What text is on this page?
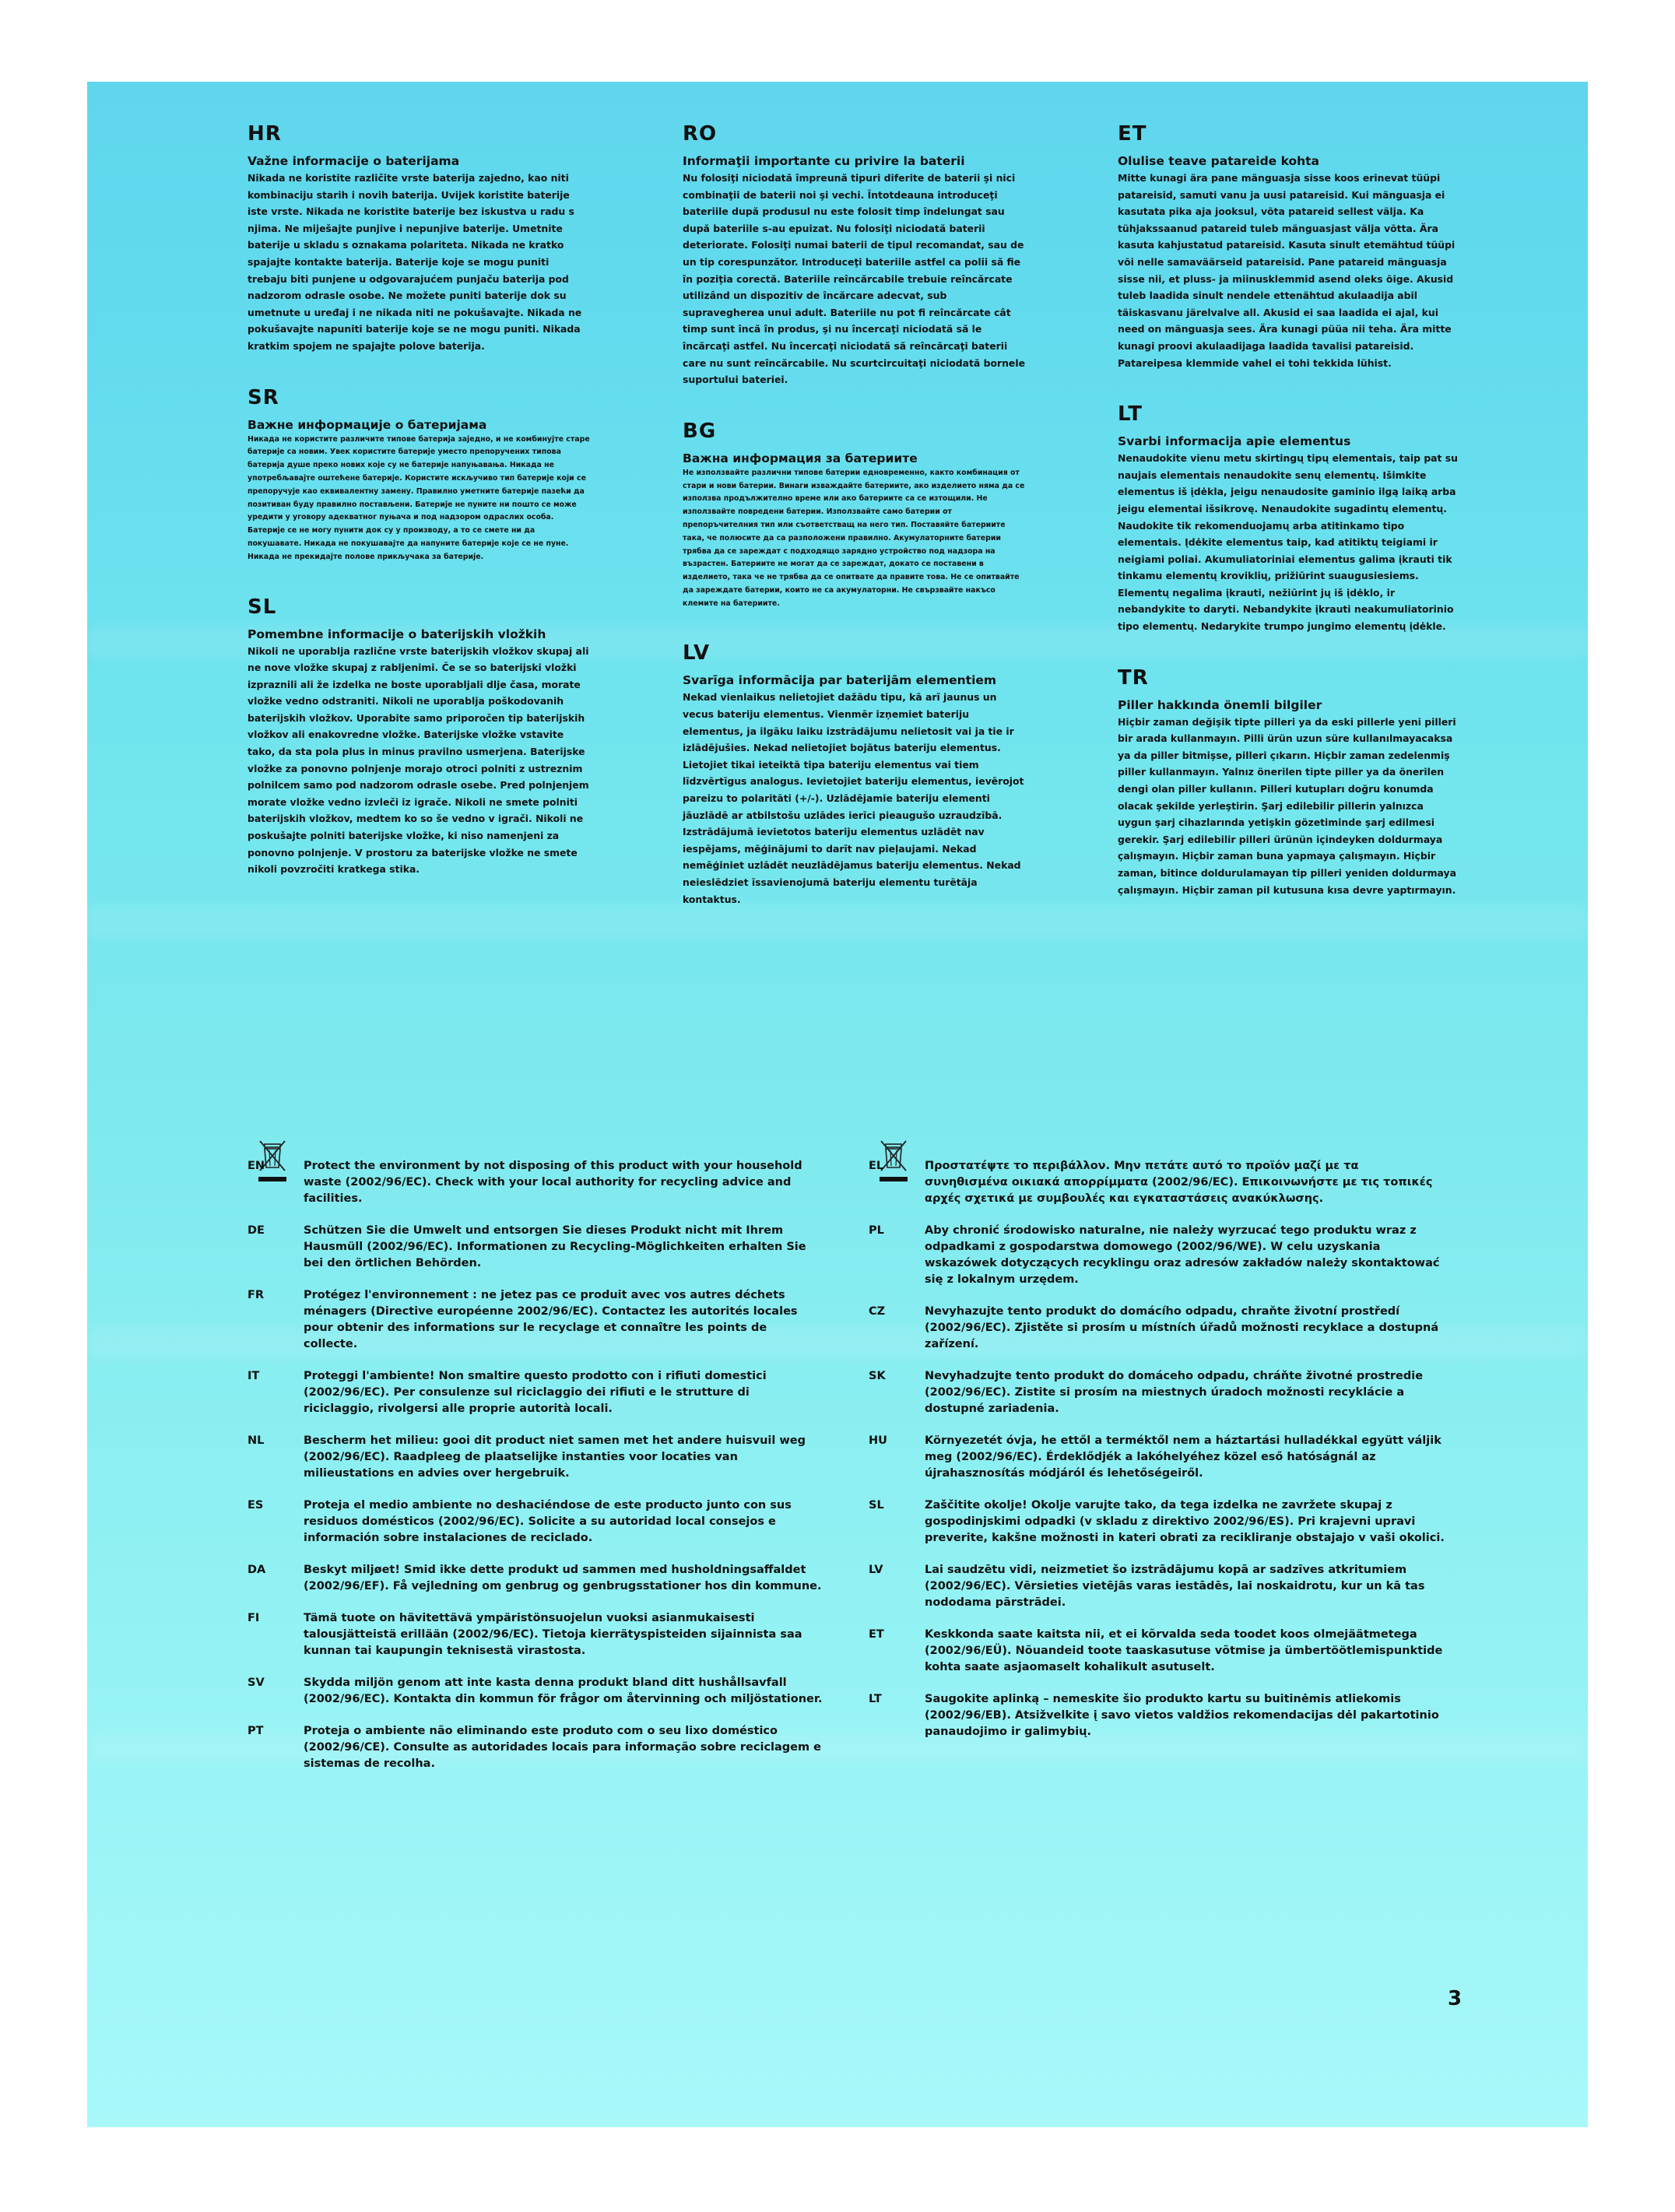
HR
Važne informacije o baterijama
Nikada ne koristite različite vrste baterija zajedno, kao niti kombinaciju starih i novih baterija. Uvijek koristite baterije iste vrste. Nikada ne koristite baterije bez iskustva u radu s njima. Ne miješajte punjive i nepunjive baterije. Umetnite baterije u skladu s oznakama polariteta. Nikada ne kratko spajajte kontakte baterija. Baterije koje se mogu puniti trebaju biti punjene u odgovarajućem punjaču baterija pod nadzorom odrasle osobe. Ne možete puniti baterije dok su umetnute u uređaj i ne nikada niti ne pokušavajte. Nikada ne pokušavajte napuniti baterije koje se ne mogu puniti. Nikada kratkim spojem ne spajajte polove baterija.
SR
Важне информације о батеријама
Никада не користите различите типове батерија заједно, и не комбинујте старе батерије са новим. Увек користите батерије уместо препоручених типова батерија душе преко нових које су не батерије напуњавања. Никада не употребљавајте оштећене батерије. Користите искључиво тип батерије који се препоручује као еквивалентну замену. Правилно уметните батерије пазећи да позитиван буду правилно постављени. Батерије не пуните ни пошто се може уредити у уговору адекватног пуњача и под надзором одраслих особа. Батерије се не могу пунити док су у производу, а то се смете ни да покушавате. Никада не покушавајте да напуните батерије које се не пуне. Никада не прекидајте полове прикључака за батерије.
SL
Pomembne informacije o baterijskih vložkih
Nikoli ne uporablja različne vrste baterijskih vložkov skupaj ali ne nove vložke skupaj z rabljenimi. Če se so baterijski vložki izpraznili ali že izdelka ne boste uporabljali dlje časa, morate vložke vedno odstraniti. Nikoli ne uporablja poškodovanih baterijskih vložkov. Uporabite samo priporočen tip baterijskih vložkov ali enakovredne vložke. Baterijske vložke vstavite tako, da sta pola plus in minus pravilno usmerjena. Baterijske vložke za ponovno polnjenje morajo otroci polniti z ustreznim polnilcem samo pod nadzorom odrasle osebe. Pred polnjenjem morate vložke vedno izvleči iz igrače. Nikoli ne smete polniti baterijskih vložkov, medtem ko so še vedno v igrači. Nikoli ne poskušajte polniti baterijske vložke, ki niso namenjeni za ponovno polnjenje. V prostoru za baterijske vložke ne smete nikoli povzročiti kratkega stika.
RO
Informaţii importante cu privire la baterii
Nu folosiţi niciodată împreună tipuri diferite de baterii şi nici combinaţii de baterii noi şi vechi. Întotdeauna introduceţi bateriile după produsul nu este folosit timp îndelungat sau după bateriile s-au epuizat. Nu folosiţi niciodată baterii deteriorate. Folosiţi numai baterii de tipul recomandat, sau de un tip corespunzător. Introduceţi bateriile astfel ca polii să fie în poziţia corectă. Bateriile reîncărcabile trebuie reîncărcate utilizând un dispozitiv de încărcare adecvat, sub supravegherea unui adult. Bateriile nu pot fi reîncărcate cât timp sunt încă în produs, şi nu încercaţi niciodată să le încărcaţi astfel. Nu încercaţi niciodată să reîncărcaţi baterii care nu sunt reîncărcabile. Nu scurtcircuitaţi niciodată bornele suportului bateriei.
BG
Важна информация за батериите
Не използвайте различни типове батерии едновременно, както комбинация от стари и нови батерии. Винаги изваждайте батериите, ако изделието няма да се използва продължително време или ако батериите са се изтощили. Не използвайте повредени батерии. Използвайте само батерии от препоръчителния тип или съответстващ на него тип. Поставяйте батериите така, че полюсите да са разположени правилно. Акумулаторните батерии трябва да се зареждат с подходящо зарядно устройство под надзора на възрастен. Батериите не могат да се зареждат, докато се поставени в изделието, така че не трябва да се опитвате да правите това. Не се опитвайте да зареждате батерии, които не са акумулаторни. Не свързвайте накъсо клемите на батериите.
LV
Svarīga informācija par baterijām elementiem
Nekad vienlaikus nelietojiet dažādu tipu, kā arī jaunus un vecus bateriju elementus. Vienmēr izņemiet bateriju elementus, ja ilgāku laiku izstrādājumu nelietosit vai ja tie ir izlādējušies. Nekad nelietojiet bojātus bateriju elementus. Lietojiet tikai ieteiktā tipa bateriju elementus vai tiem līdzvērtīgus analogus. Ievietojiet bateriju elementus, ievērojot pareizu to polaritāti (+/-). Uzlādējamie bateriju elementi jāuzlādē ar atbilstošu uzlādes ierīci pieaugušo uzraudzībā. Izstrādājumā ievietotos bateriju elementus uzlādēt nav iespējams, mēģinājumi to darīt nav pieļaujami. Nekad nemēģiniet uzlādēt neuzlādējamus bateriju elementus. Nekad neieslēdziet īssavienojumā bateriju elementu turētāja kontaktus.
ET
Olulise teave patareide kohta
Mitte kunagi ära pane mänguasja sisse koos erinevat tüüpi patareisid, samuti vanu ja uusi patareisid. Kui mänguasja ei kasutata pika aja jooksul, võta patareid sellest välja. Ka tühjakssaanud patareid tuleb mänguasjast välja võtta. Ära kasuta kahjustatud patareisid. Kasuta sinult etemähtud tüüpi või nelle samaväärseid patareisid. Pane patareid mänguasja sisse nii, et pluss- ja miinusklemmid asend oleks õige. Akusid tuleb laadida sinult nendele ettenähtud akulaadija abil täiskasvanu järelvalve all. Akusid ei saa laadida ei ajal, kui need on mänguasja sees. Ära kunagi püüa nii teha. Ära mitte kunagi proovi akulaadijaga laadida tavalisi patareisid. Patareipesa klemmide vahel ei tohi tekkida lühist.
LT
Svarbi informacija apie elementus
Nenaudokite vienu metu skirtingų tipų elementais, taip pat su naujais elementais nenaudokite senų elementų. Išimkite elementus iš įdėkla, jeigu nenaudosite gaminio ilgą laiką arba jeigu elementai išsikrovę. Nenaudokite sugadintų elementų. Naudokite tik rekomenduojamų arba atitinkamo tipo elementais. Įdėkite elementus taip, kad atitiktų teigiami ir neigiami poliai. Akumuliatoriniai elementus galima įkrauti tik tinkamu elementų kroviklių, prižiūrint suaugusiesiems. Elementų negalima įkrauti, nežiūrint jų iš įdėklo, ir nebandykite to daryti. Nebandykite įkrauti neakumuliatorinio tipo elementų. Nedarykite trumpo jungimo elementų įdėkle.
TR
Piller hakkında önemli bilgiler
Hiçbir zaman değişik tipte pilleri ya da eski pillerle yeni pilleri bir arada kullanmayın. Pilli ürün uzun süre kullanılmayacaksa ya da piller bitmişse, pilleri çıkarın. Hiçbir zaman zedelenmiş piller kullanmayın. Yalnız önerilen tipte piller ya da önerilen dengi olan piller kullanın. Pilleri kutupları doğru konumda olacak şekilde yerleştirin. Şarj edilebilir pillerin yalnızca uygun şarj cihazlarında yetişkin gözetiminde şarj edilmesi gerekir. Şarj edilebilir pilleri ürünün içindeyken doldurmaya çalışmayın. Hiçbir zaman buna yapmaya çalışmayın. Hiçbir zaman, bitince doldurulamayan tip pilleri yeniden doldurmaya çalışmayın. Hiçbir zaman pil kutusuna kısa devre yaptırmayın.
EN	Protect the environment by not disposing of this product with your household waste (2002/96/EC). Check with your local authority for recycling advice and facilities.
DE	Schützen Sie die Umwelt und entsorgen Sie dieses Produkt nicht mit Ihrem Hausmüll (2002/96/EC). Informationen zu Recycling-Möglichkeiten erhalten Sie bei den örtlichen Behörden.
FR	Protégez l'environnement : ne jetez pas ce produit avec vos autres déchets ménagers (Directive européenne 2002/96/EC). Contactez les autorités locales pour obtenir des informations sur le recyclage et connaître les points de collecte.
IT	Proteggi l'ambiente! Non smaltire questo prodotto con i rifiuti domestici (2002/96/EC). Per consulenze sul riciclaggio dei rifiuti e le strutture di riciclaggio, rivolgersi alle proprie autorità locali.
NL	Bescherm het milieu: gooi dit product niet samen met het andere huisvuil weg (2002/96/EC). Raadpleeg de plaatselijke instanties voor locaties van milieustations en advies over hergebruik.
ES	Proteja el medio ambiente no deshaciéndose de este producto junto con sus residuos domésticos (2002/96/EC). Solicite a su autoridad local consejos e información sobre instalaciones de reciclado.
DA	Beskyt miljøet! Smid ikke dette produkt ud sammen med husholdningsaffaldet (2002/96/EF). Få vejledning om genbrug og genbrugsstationer hos din kommune.
FI	Tämä tuote on hävitettävä ympäristönsuojelun vuoksi asianmukaisesti talousjätteistä erillään (2002/96/EC). Tietoja kierrätyspisteiden sijainnista saa kunnan tai kaupungin teknisestä virastosta.
SV	Skydda miljön genom att inte kasta denna produkt bland ditt hushållsavfall (2002/96/EC). Kontakta din kommun för frågor om återvinning och miljöstationer.
PT	Proteja o ambiente não eliminando este produto com o seu lixo doméstico (2002/96/CE). Consulte as autoridades locais para informação sobre reciclagem e sistemas de recolha.
EL	Προστατέψτε το περιβάλλον. Μην πετάτε αυτό το προϊόν μαζί με τα συνηθισμένα οικιακά απορρίμματα (2002/96/EC). Επικοινωνήστε με τις τοπικές αρχές σχετικά με συμβουλές και εγκαταστάσεις ανακύκλωσης.
PL	Aby chronić środowisko naturalne, nie należy wyrzucać tego produktu wraz z odpadkami z gospodarstwa domowego (2002/96/WE). W celu uzyskania wskazówek dotyczących recyklingu oraz adresów zakładów należy skontaktować się z lokalnym urzędem.
CZ	Nevyhazujte tento produkt do domácího odpadu, chraňte životní prostředí (2002/96/EC). Zjistěte si prosím u místních úřadů možnosti recyklace a dostupná zařízení.
SK	Nevyhadzujte tento produkt do domáceho odpadu, chráňte životné prostredie (2002/96/EC). Zistite si prosím na miestnych úradoch možnosti recyklácie a dostupné zariadenia.
HU	Környezetét óvja, he ettől a terméktől nem a háztartási hulladékkal együtt váljik meg (2002/96/EC). Érdeklődjék a lakóhelyéhez közel eső hatóságnál az újrahasznosítás módjáról és lehetőségeiről.
SL	Zaščitite okolje! Okolje varujte tako, da tega izdelka ne zavržete skupaj z gospodinjskimi odpadki (v skladu z direktivo 2002/96/ES). Pri krajevni upravi preverite, kakšne možnosti in kateri obrati za recikliranje obstajajo v vaši okolici.
LV	Lai saudzētu vidi, neizmetiet šo izstrādājumu kopā ar sadzīves atkritumiem (2002/96/EC). Vērsieties vietējās varas iestādēs, lai noskaidrotu, kur un kā tas nododama pārstrādei.
ET	Keskkonda saate kaitsta nii, et ei kõrvalda seda toodet koos olmejäätmetega (2002/96/EÜ). Nõuandeid toote taaskasutuse võtmise ja ümbertöötlemispunktide kohta saate asjaomaselt kohalikult asutuselt.
LT	Saugokite aplinką – nemeskite šio produkto kartu su buitinėmis atliekomis (2002/96/EB). Atsižvelkite į savo vietos valdžios rekomendacijas dėl pakartotinio panaudojimo ir galimybių.
3
